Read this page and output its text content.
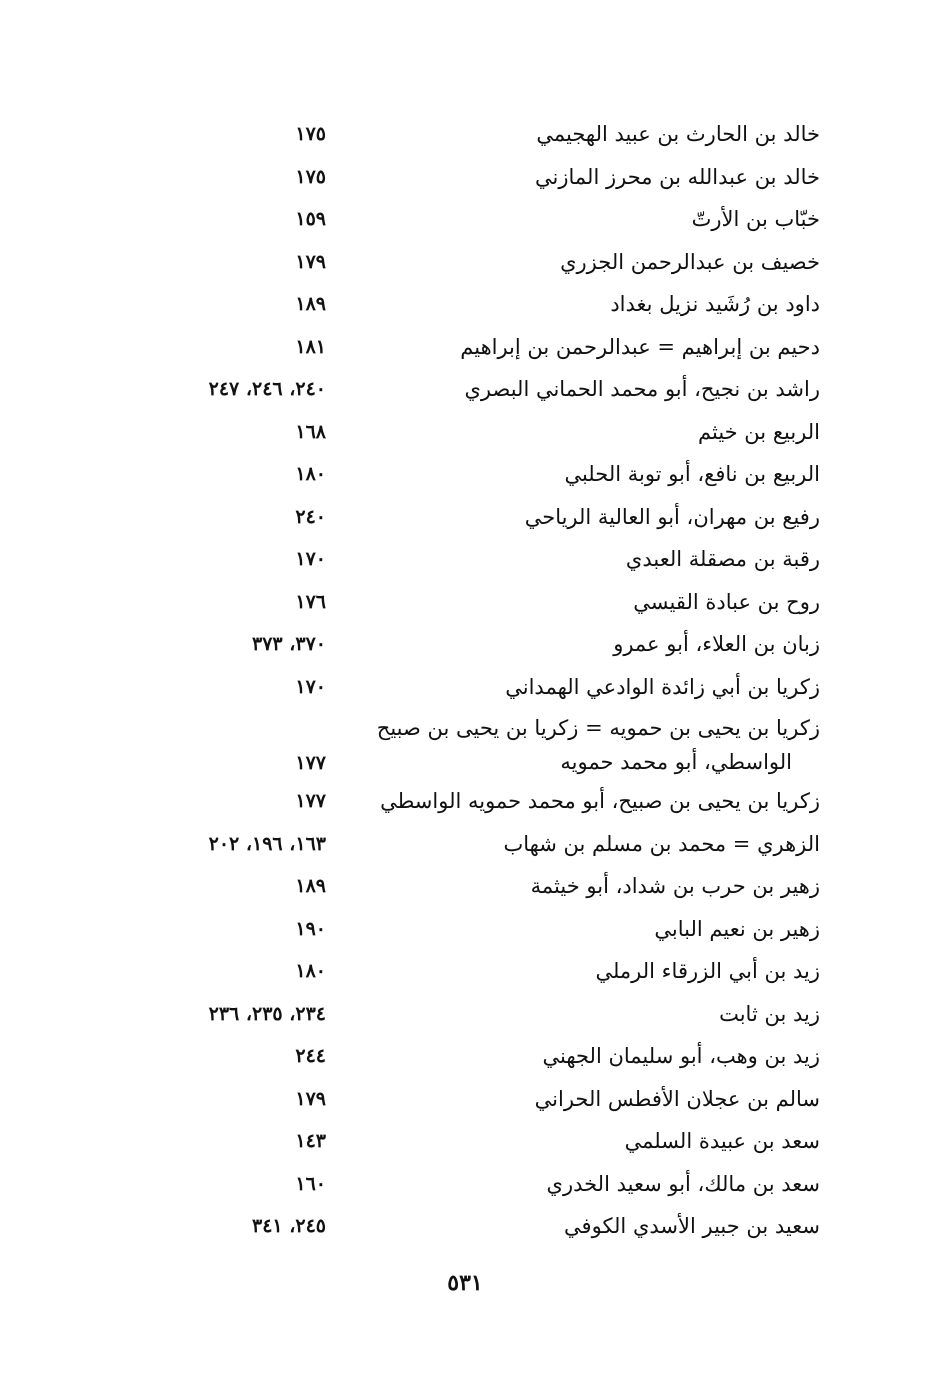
خالد بن الحارث بن عبيد الهجيمي
١٧٥
خالد بن عبدالله بن محرز المازني
١٧٥
خبّاب بن الأرتّ
١٥٩
خصيف بن عبدالرحمن الجزري
١٧٩
داود بن رُشَيد نزيل بغداد
١٨٩
دحيم بن إبراهيم = عبدالرحمن بن إبراهيم
١٨١
راشد بن نجيح، أبو محمد الحماني البصري
٢٤٠، ٢٤٦، ٢٤٧
الربيع بن خيثم
١٦٨
الربيع بن نافع، أبو توبة الحلبي
١٨٠
رفيع بن مهران، أبو العالية الرياحي
٢٤٠
رقبة بن مصقلة العبدي
١٧٠
روح بن عبادة القيسي
١٧٦
زبان بن العلاء، أبو عمرو
٣٧٠، ٣٧٣
زكريا بن أبي زائدة الوادعي الهمداني
١٧٠
زكريا بن يحيى بن حمويه = زكريا بن يحيى بن صبيح
الواسطي، أبو محمد حمويه
١٧٧
زكريا بن يحيى بن صبيح، أبو محمد حمويه الواسطي
١٧٧
الزهري = محمد بن مسلم بن شهاب
١٦٣، ١٩٦، ٢٠٢
زهير بن حرب بن شداد، أبو خيثمة
١٨٩
زهير بن نعيم البابي
١٩٠
زيد بن أبي الزرقاء الرملي
١٨٠
زيد بن ثابت
٢٣٤، ٢٣٥، ٢٣٦
زيد بن وهب، أبو سليمان الجهني
٢٤٤
سالم بن عجلان الأفطس الحراني
١٧٩
سعد بن عبيدة السلمي
١٤٣
سعد بن مالك، أبو سعيد الخدري
١٦٠
سعيد بن جبير الأسدي الكوفي
٢٤٥، ٣٤١
٥٣١
